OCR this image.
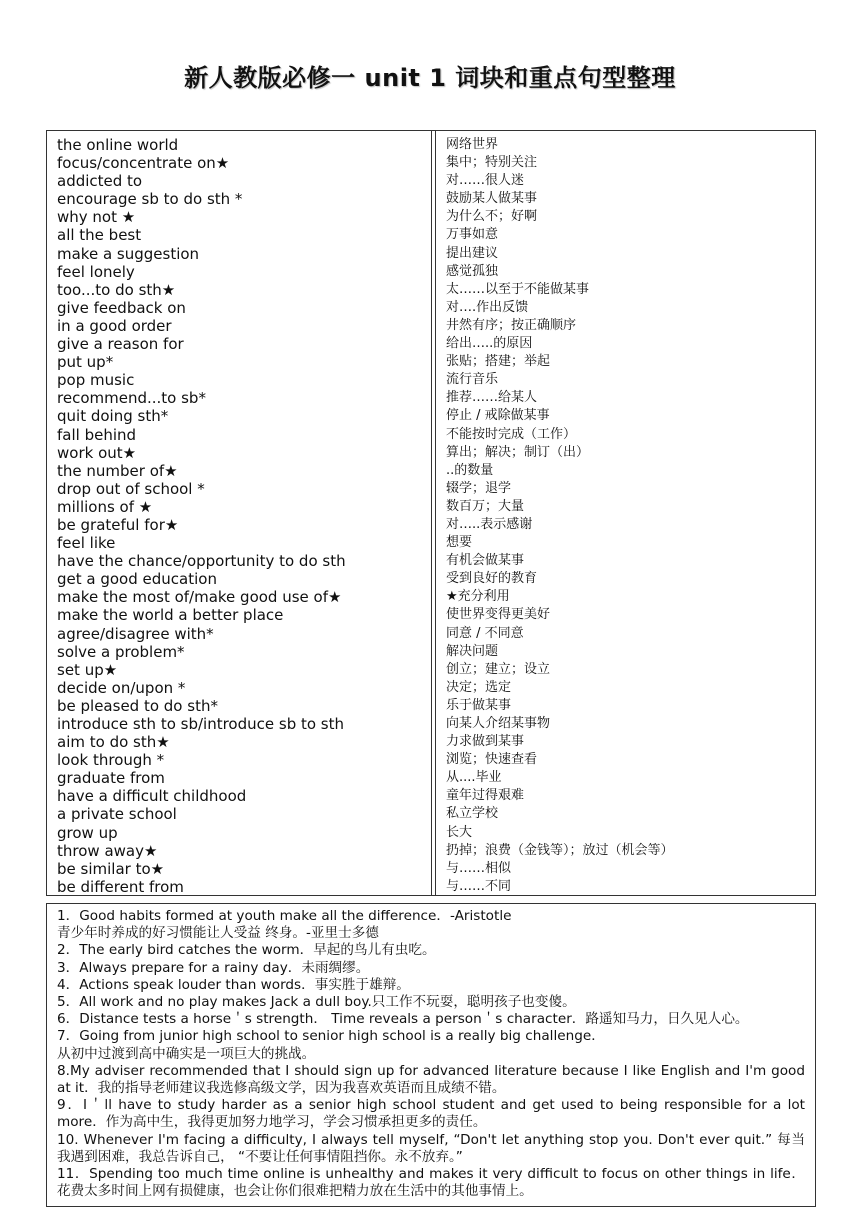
新人教版必修一 unit 1 词块和重点句型整理
the online world
focus/concentrate on★
addicted to
encourage sb to do sth *
why not ★
all the best
make a suggestion
feel lonely
too...to do sth★
give feedback on
in a good order
give a reason for
put up*
pop music
recommend...to sb*
quit doing sth*
fall behind
work out★
the number of★
drop out of school *
millions of ★
be grateful for★
feel like
have the chance/opportunity to do sth
get a good education
make the most of/make good use of★
make the world a better place
agree/disagree with*
solve a problem*
set up★
decide on/upon *
be pleased to do sth*
introduce sth to sb/introduce sb to sth
aim to do sth★
look through *
graduate from
have a difficult childhood
a private school
grow up
throw away★
be similar to★
be different from
网络世界
集中；特别关注
对……很人迷
鼓励某人做某事
为什么不；好啊
万事如意
提出建议
感觉孤独
太……以至于不能做某事
对….作出反馈
井然有序；按正确顺序
给出…..的原因
张贴；搭建；举起
流行音乐
推荐……给某人
停止 / 戒除做某事
不能按时完成（工作）
算出；解决；制订（出）
..的数量
辍学；退学
数百万；大量
对…..表示感谢
想要
有机会做某事
受到良好的教育
★充分利用
使世界变得更美好
同意 / 不同意
解决问题
创立；建立；设立
决定；选定
乐于做某事
向某人介绍某事物
力求做到某事
浏览；快速查看
从....毕业
童年过得艰难
私立学校
长大
扔掉；浪费（金钱等）；放过（机会等）
与……相似
与……不同
1．Good habits formed at youth make all the difference．-Aristotle
青少年时养成的好习惯能让人受益 终身。-亚里士多德
2．The early bird catches the worm．早起的鸟儿有虫吃。
3．Always prepare for a rainy day．未雨绸缪。
4．Actions speak louder than words．事实胜于雄辩。
5．All work and no play makes Jack a dull boy.只工作不玩耍，聪明孩子也变傻。
6．Distance tests a horse＇s strength． Time reveals a person＇s character．路遥知马力，日久见人心。
7．Going from junior high school to senior high school is a really big challenge．
从初中过渡到高中确实是一项巨大的挑战。
8.My adviser recommended that I should sign up for advanced literature because I like English and I'm good at it．我的指导老师建议我选修高级文学，因为我喜欢英语而且成绩不错。
9．I＇ll have to study harder as a senior high school student and get used to being responsible for a lot more．作为高中生，我得更加努力地学习，学会习惯承担更多的责任。
10. Whenever I'm facing a difficulty, I always tell myself, “Don't let anything stop you. Don't ever quit.” 每当我遇到困难，我总告诉自己， “不要让任何事情阻挡你。永不放弃。”
11．Spending too much time online is unhealthy and makes it very difficult to focus on other things in life．花费太多时间上网有损健康，也会让你们很难把精力放在生活中的其他事情上。
